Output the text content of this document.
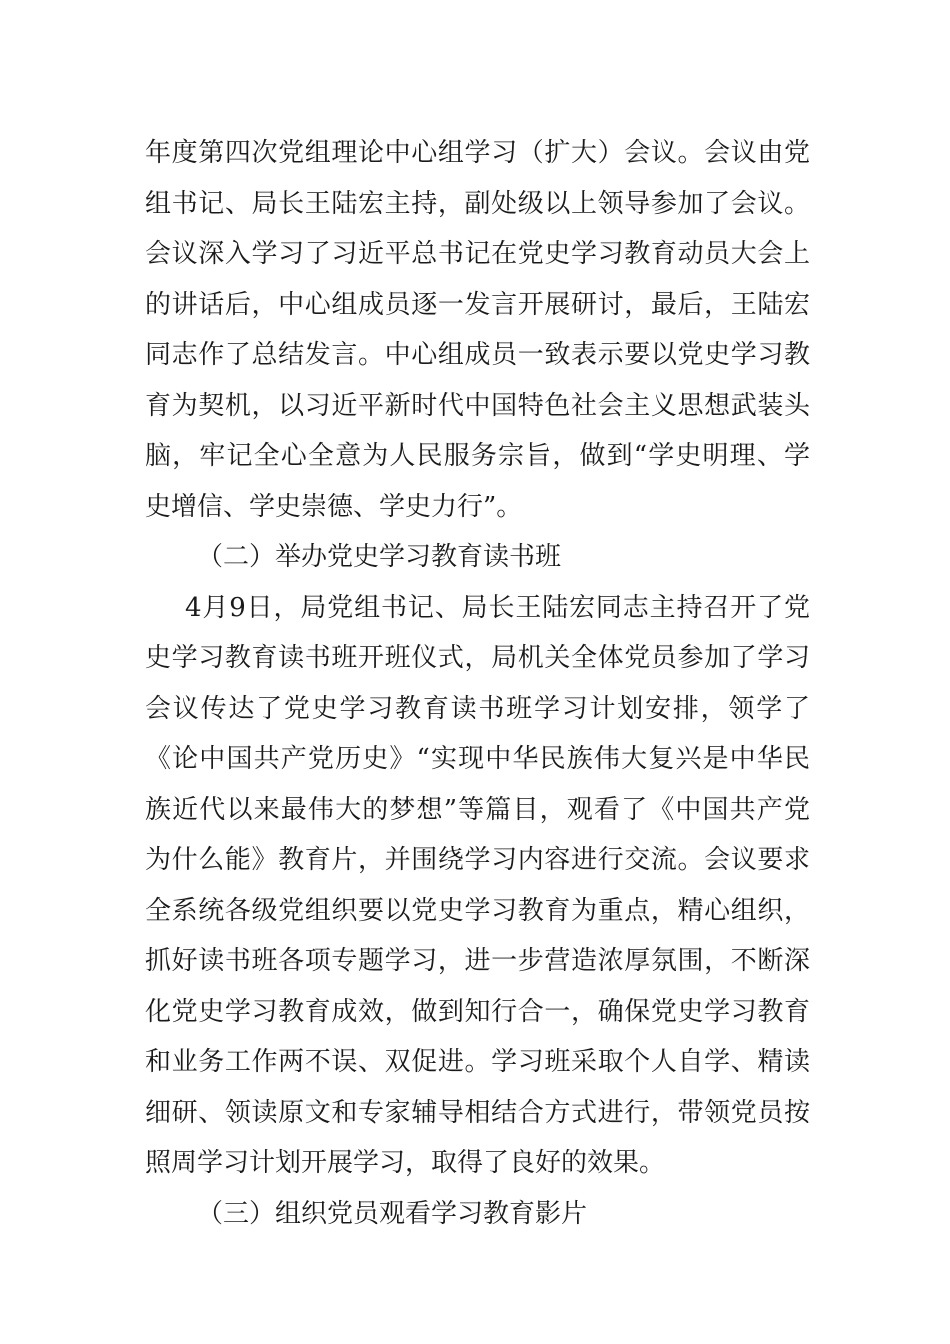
年度第四次党组理论中心组学习（扩大）会议。会议由党
组书记、局长王陆宏主持，副处级以上领导参加了会议。
会议深入学习了习近平总书记在党史学习教育动员大会上
的讲话后，中心组成员逐一发言开展研讨，最后，王陆宏
同志作了总结发言。中心组成员一致表示要以党史学习教
育为契机，以习近平新时代中国特色社会主义思想武装头
脑，牢记全心全意为人民服务宗旨，做到“学史明理、学
史增信、学史崇德、学史力行”。
（二）举办党史学习教育读书班
4月9日，局党组书记、局长王陆宏同志主持召开了党
史学习教育读书班开班仪式，局机关全体党员参加了学习
会议传达了党史学习教育读书班学习计划安排，领学了
《论中国共产党历史》“实现中华民族伟大复兴是中华民
族近代以来最伟大的梦想”等篇目，观看了《中国共产党
为什么能》教育片，并围绕学习内容进行交流。会议要求
全系统各级党组织要以党史学习教育为重点，精心组织，
抓好读书班各项专题学习，进一步营造浓厚氛围，不断深
化党史学习教育成效，做到知行合一，确保党史学习教育
和业务工作两不误、双促进。学习班采取个人自学、精读
细研、领读原文和专家辅导相结合方式进行，带领党员按
照周学习计划开展学习，取得了良好的效果。
（三）组织党员观看学习教育影片
